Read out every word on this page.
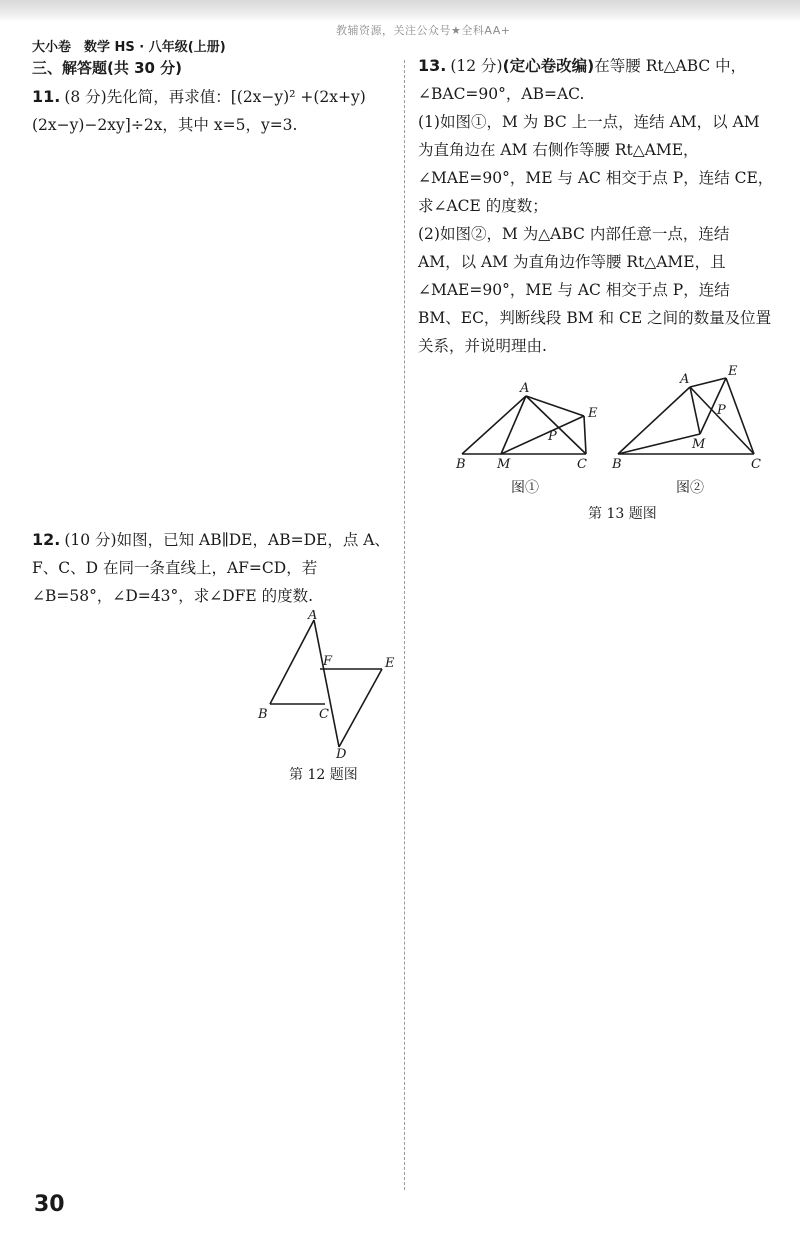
教辅资源，关注公众号★全科AA+
大小卷　数学 HS · 八年级(上册)
三、解答题(共 30 分)
11. (8 分)先化简，再求值：[(2x−y)² +(2x+y)(2x−y)−2xy]÷2x，其中 x=5，y=3.
12. (10 分)如图，已知 AB∥DE，AB=DE，点 A、F、C、D 在同一条直线上，AF=CD，若∠B=58°，∠D=43°，求∠DFE 的度数.
A
F	E
B	C
D
第 12 题图

13. (12 分)(定心卷改编)在等腰 Rt△ABC 中，∠BAC=90°，AB=AC.

(1)如图①，M 为 BC 上一点，连结 AM，以 AM 为直角边在 AM 右侧作等腰 Rt△AME，∠MAE=90°，ME 与 AC 相交于点 P，连结 CE，求∠ACE 的度数；

(2)如图②，M 为△ABC 内部任意一点，连结 AM，以 AM 为直角边作等腰 Rt△AME，且∠MAE=90°，ME 与 AC 相交于点 P，连结 BM、EC，判断线段 BM 和 CE 之间的数量及位置关系，并说明理由.

A
E
P
B M	C
图①
A
E
P
M
B	C
图②
第 13 题图
30
